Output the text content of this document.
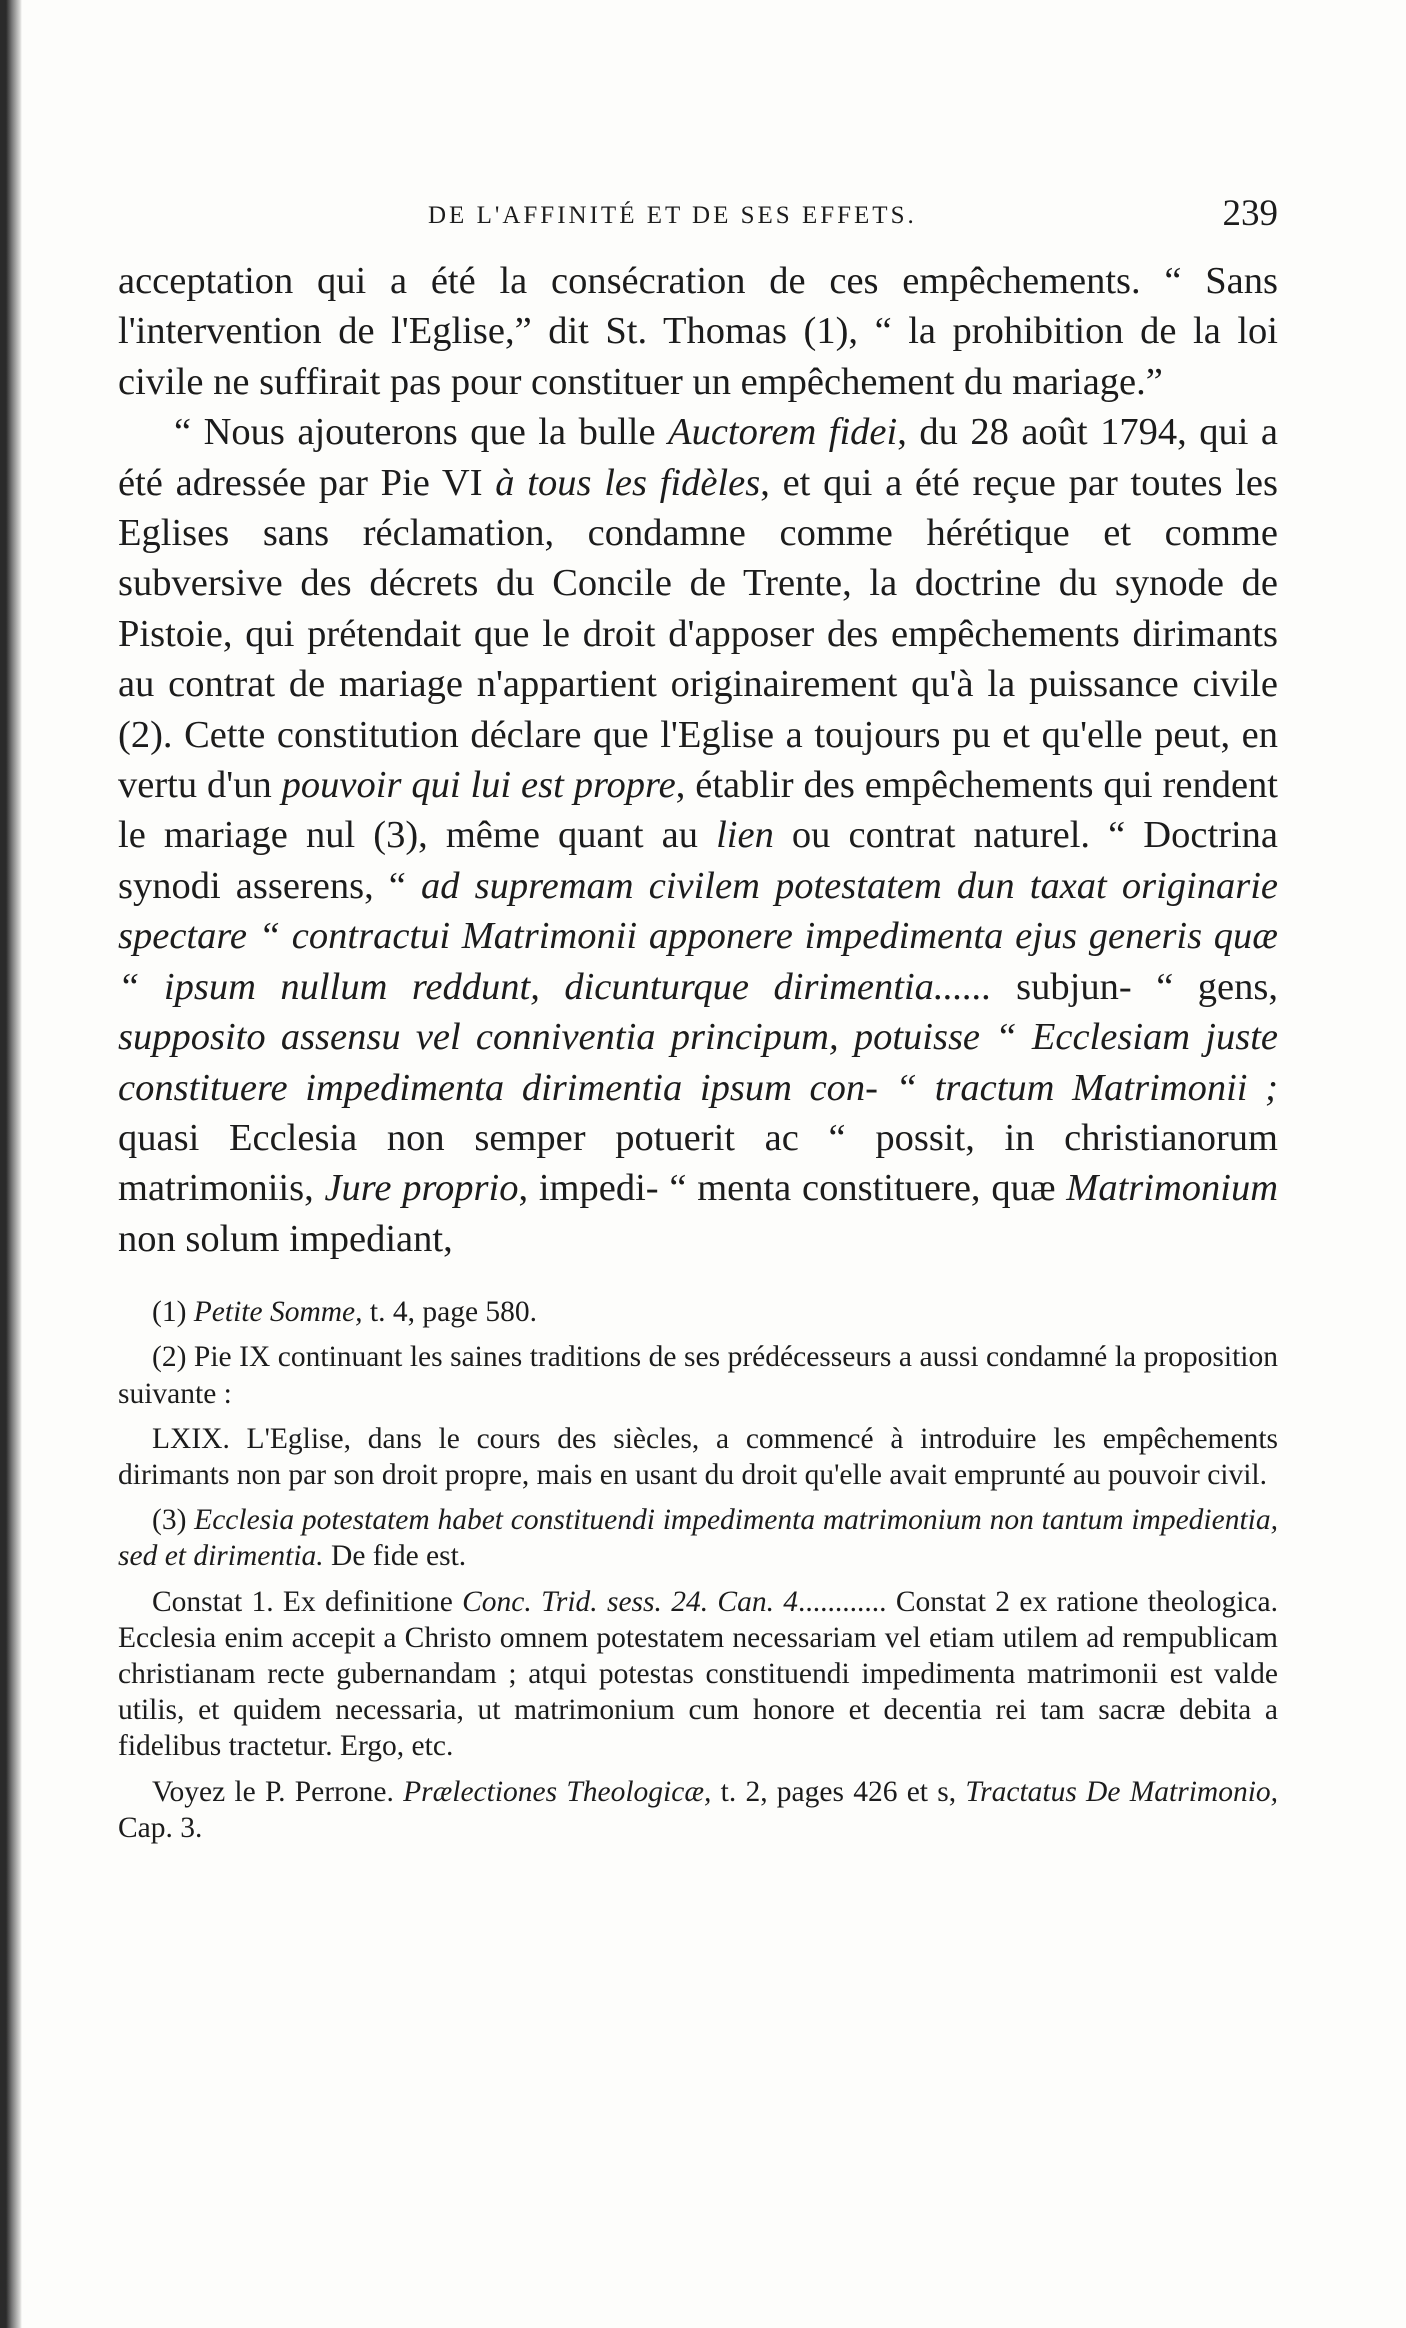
DE L'AFFINITÉ ET DE SES EFFETS.	239

acceptation qui a été la consécration de ces empêchements. “ Sans l'intervention de l'Eglise,” dit St. Thomas (1), “ la prohibition de la loi civile ne suffirait pas pour constituer un empêchement du mariage.”

“ Nous ajouterons que la bulle Auctorem fidei, du 28 août 1794, qui a été adressée par Pie VI à tous les fidèles, et qui a été reçue par toutes les Eglises sans réclamation, condamne comme hérétique et comme subversive des décrets du Concile de Trente, la doctrine du synode de Pistoie, qui prétendait que le droit d'apposer des empêchements dirimants au contrat de mariage n'appartient originairement qu'à la puissance civile (2). Cette constitution déclare que l'Eglise a toujours pu et qu'elle peut, en vertu d'un pouvoir qui lui est propre, établir des empêchements qui rendent le mariage nul (3), même quant au lien ou contrat naturel. “ Doctrina synodi asserens, “ ad supremam civilem potestatem dun taxat originarie spectare “ contractui Matrimonii apponere impedimenta ejus generis quæ “ ipsum nullum reddunt, dicunturque dirimentia...... subjun- “ gens, supposito assensu vel conniventia principum, potuisse “ Ecclesiam juste constituere impedimenta dirimentia ipsum con- “ tractum Matrimonii ; quasi Ecclesia non semper potuerit ac “ possit, in christianorum matrimoniis, Jure proprio, impedi- “ menta constituere, quæ Matrimonium non solum impediant,

(1) Petite Somme, t. 4, page 580.

(2) Pie IX continuant les saines traditions de ses prédécesseurs a aussi condamné la proposition suivante :

LXIX. L'Eglise, dans le cours des siècles, a commencé à introduire les empêchements dirimants non par son droit propre, mais en usant du droit qu'elle avait emprunté au pouvoir civil.

(3) Ecclesia potestatem habet constituendi impedimenta matrimonium non tantum impedientia, sed et dirimentia. De fide est.

Constat 1. Ex definitione Conc. Trid. sess. 24. Can. 4............ Constat 2 ex ratione theologica. Ecclesia enim accepit a Christo omnem potestatem necessariam vel etiam utilem ad rempublicam christianam recte gubernandam ; atqui potestas constituendi impedimenta matrimonii est valde utilis, et quidem necessaria, ut matrimonium cum honore et decentia rei tam sacræ debita a fidelibus tractetur. Ergo, etc.

Voyez le P. Perrone. Prælectiones Theologicæ, t. 2, pages 426 et s, Tractatus De Matrimonio, Cap. 3.
